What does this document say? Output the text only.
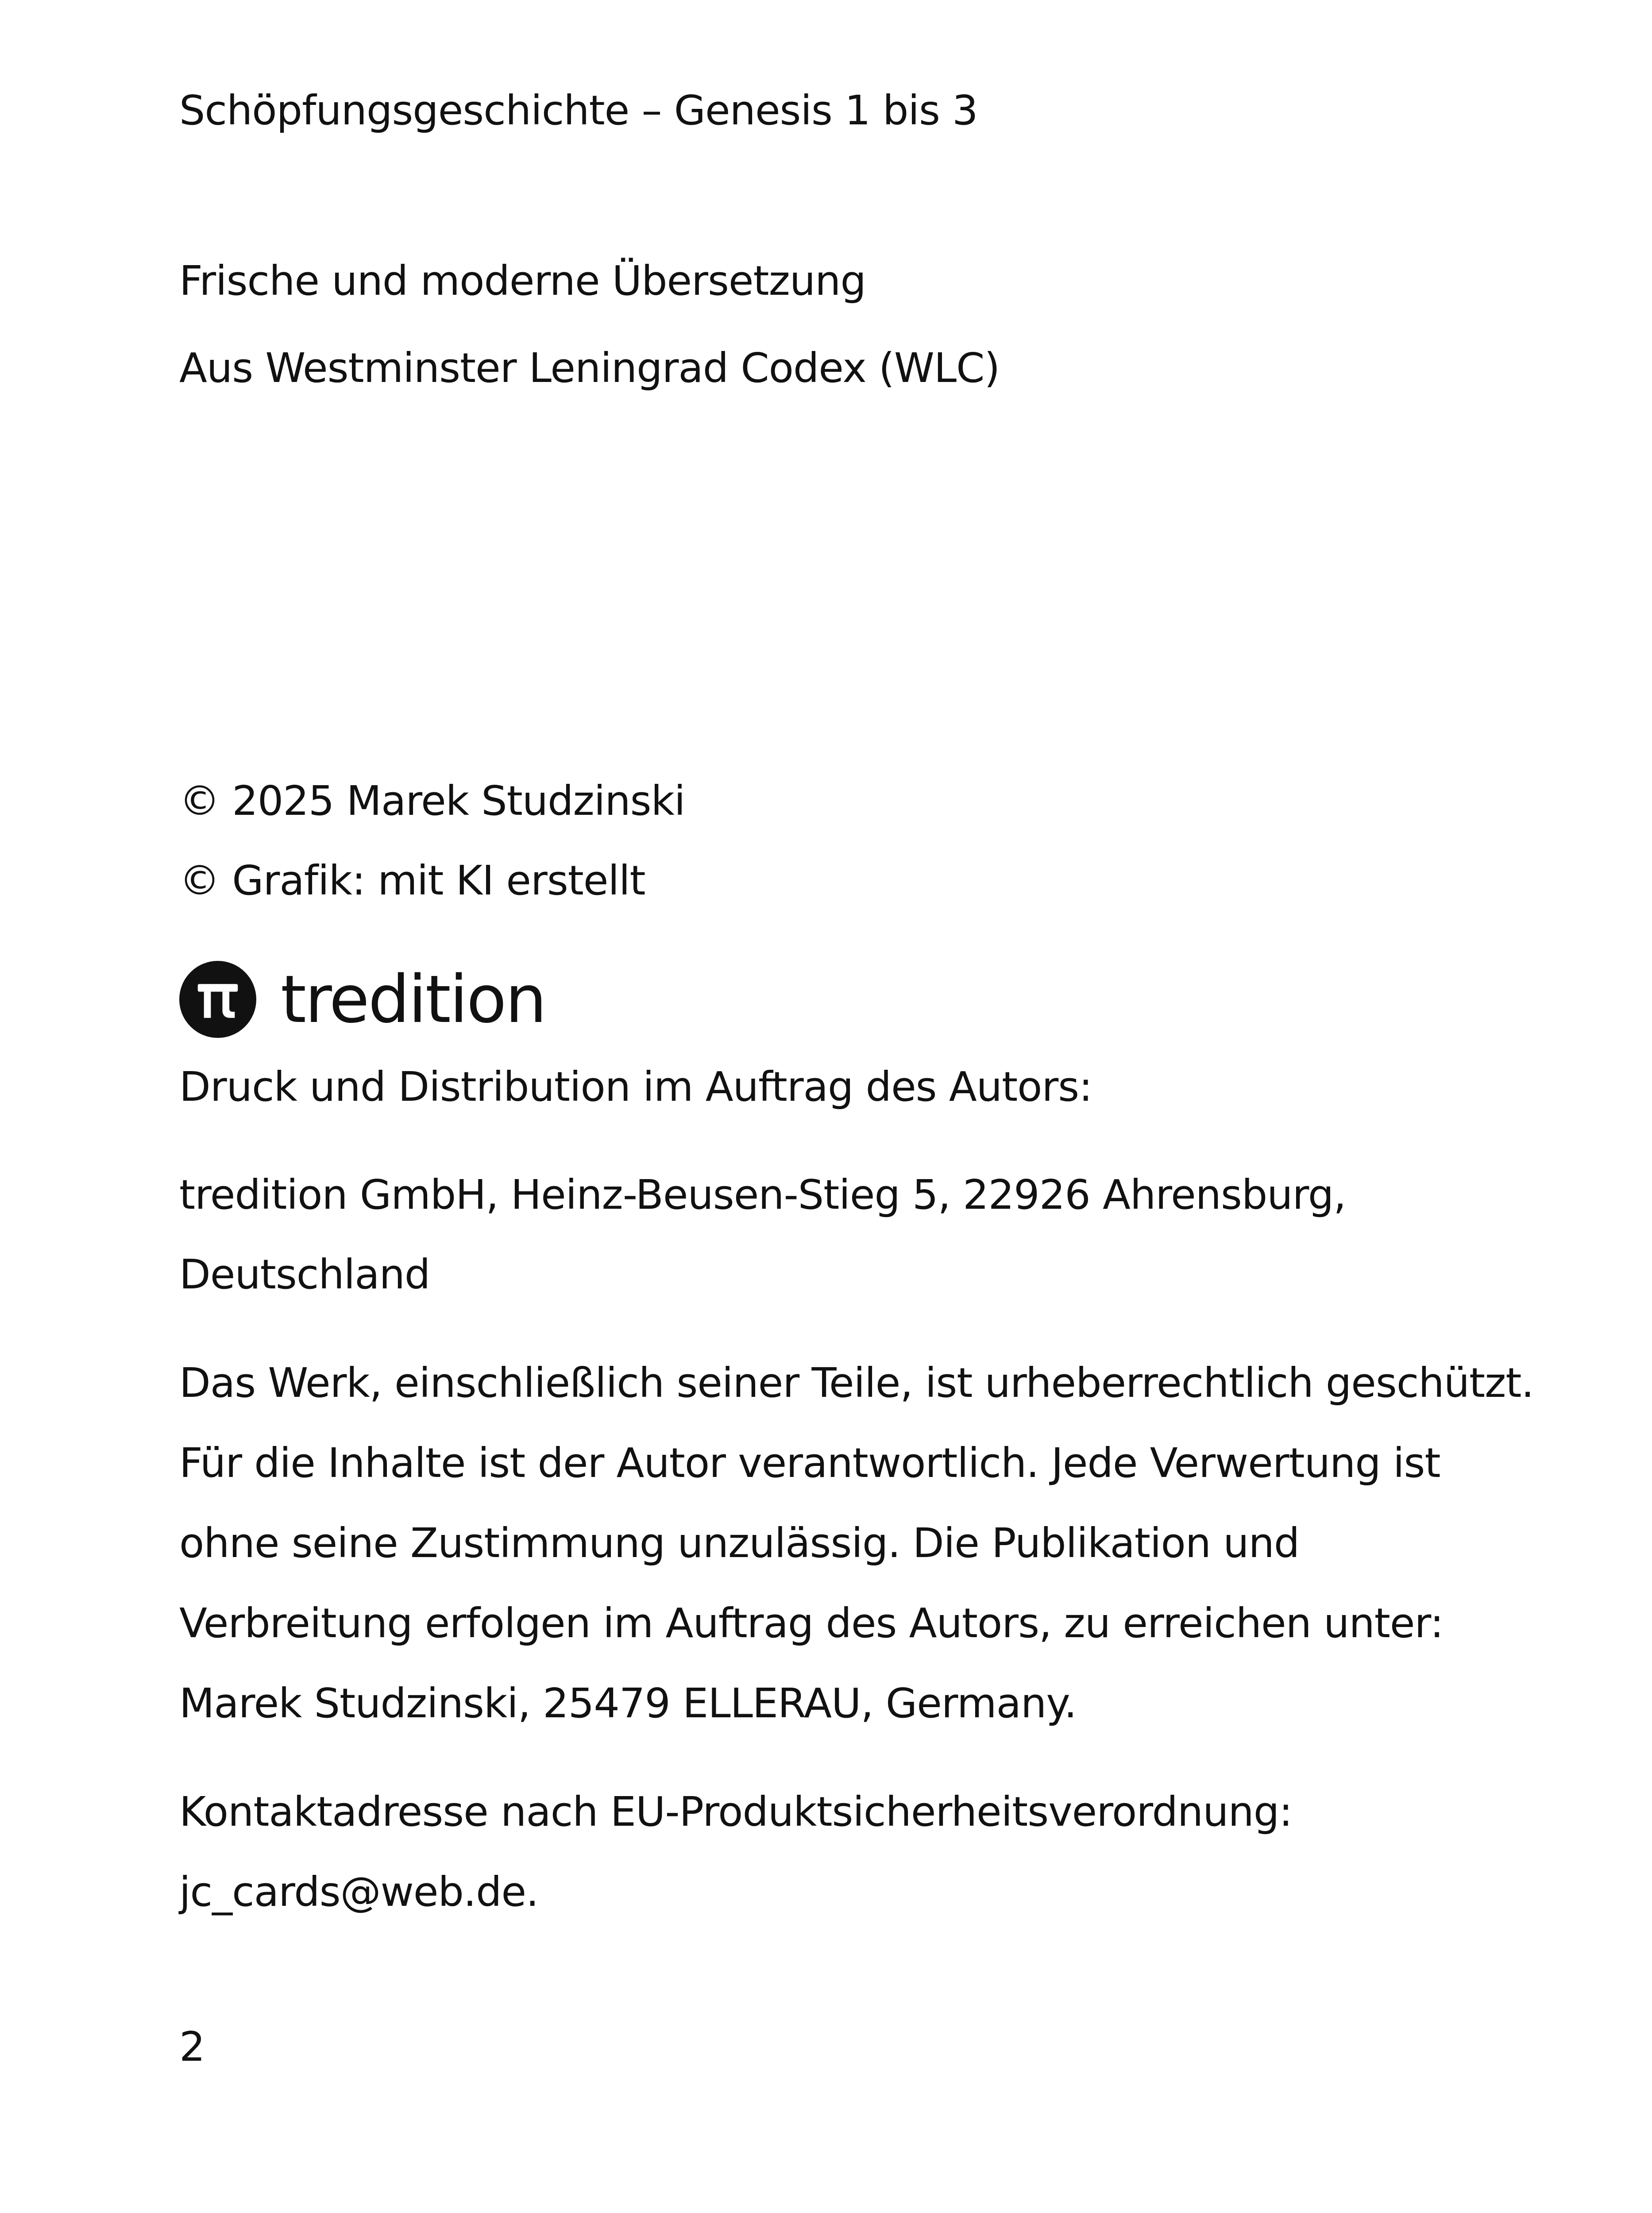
Schöpfungsgeschichte – Genesis 1 bis 3
Frische und moderne Übersetzung
Aus Westminster Leningrad Codex (WLC)
© 2025 Marek Studzinski
© Grafik: mit KI erstellt
tredition
Druck und Distribution im Auftrag des Autors:
tredition GmbH, Heinz-Beusen-Stieg 5, 22926 Ahrensburg,
Deutschland
Das Werk, einschließlich seiner Teile, ist urheberrechtlich geschützt.
Für die Inhalte ist der Autor verantwortlich. Jede Verwertung ist
ohne seine Zustimmung unzulässig. Die Publikation und
Verbreitung erfolgen im Auftrag des Autors, zu erreichen unter:
Marek Studzinski, 25479 ELLERAU, Germany.
Kontaktadresse nach EU-Produktsicherheitsverordnung:
jc_cards@web.de.
2
